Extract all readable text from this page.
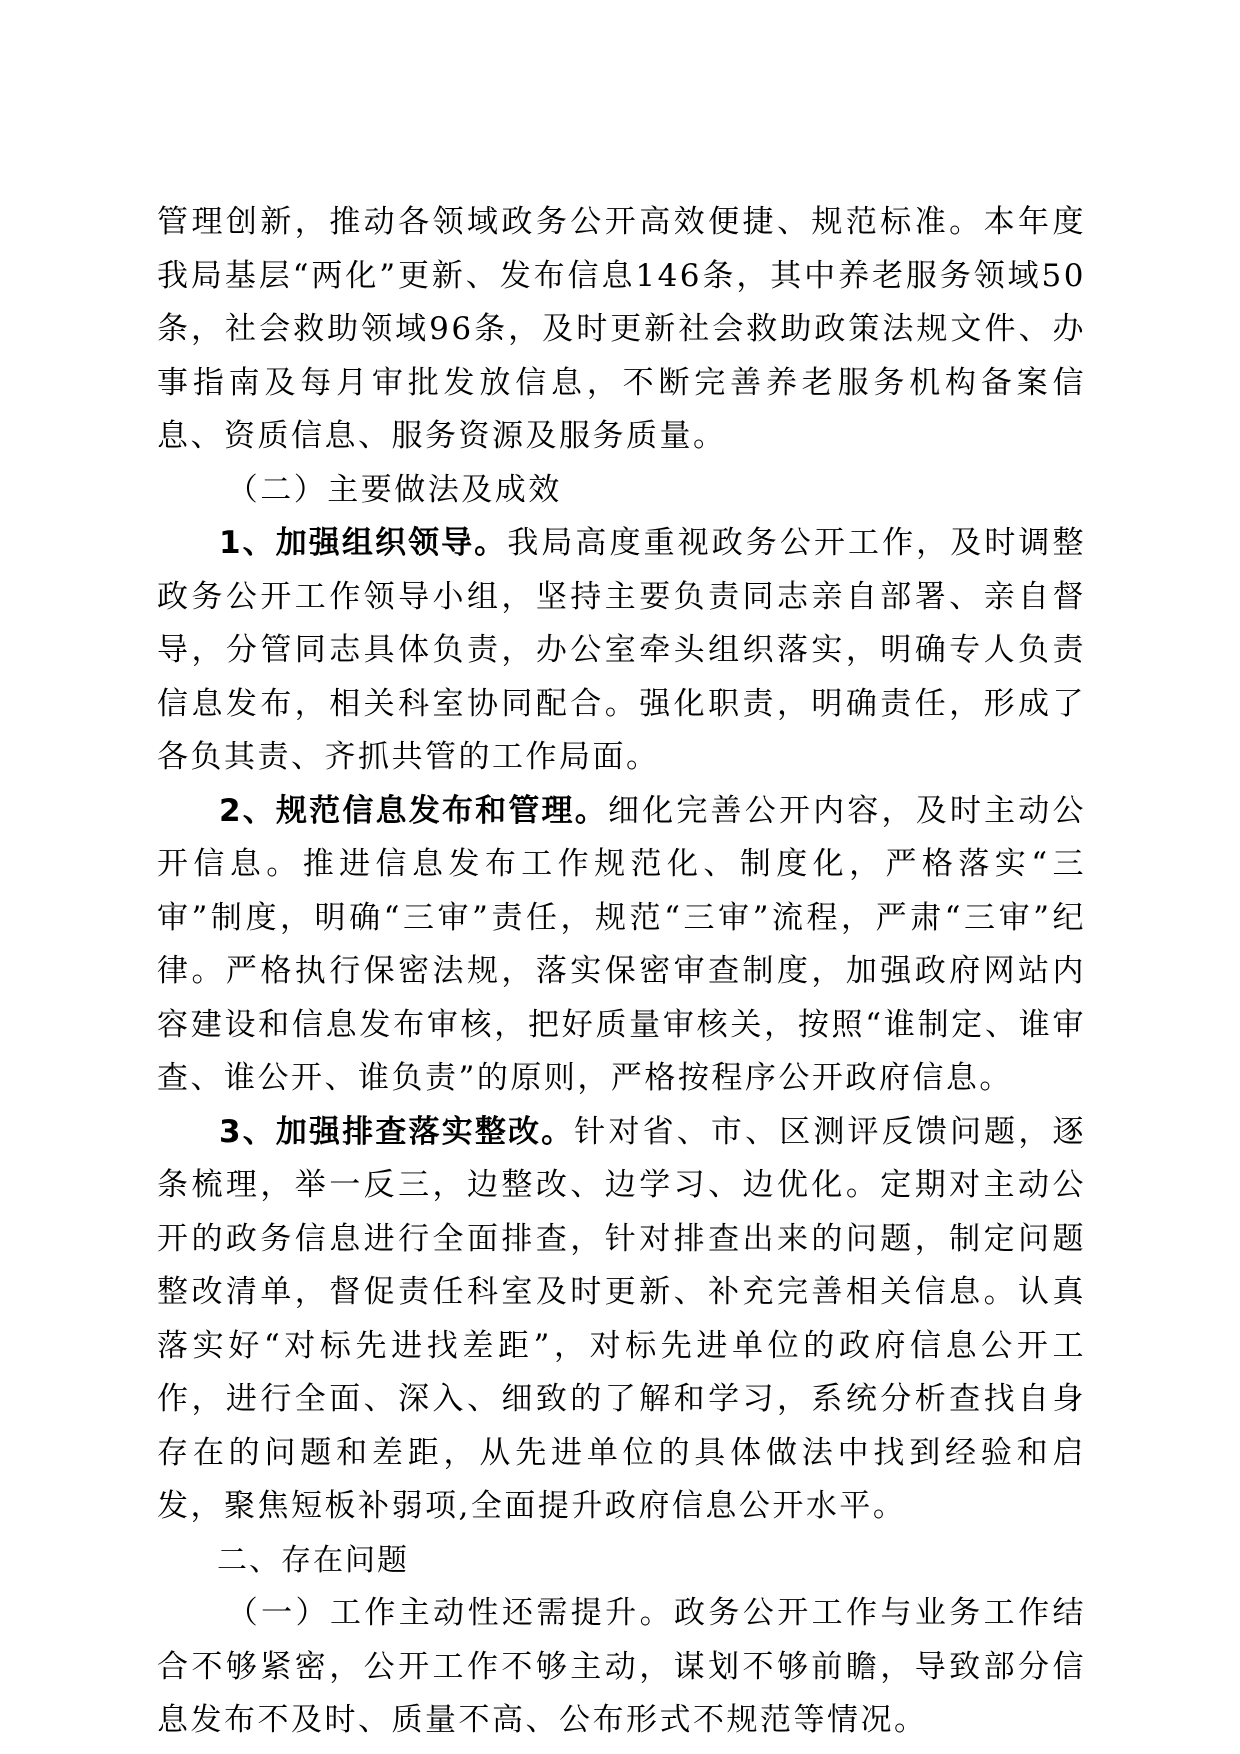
管理创新，推动各领域政务公开高效便捷、规范标准。本年度我局基层“两化”更新、发布信息146条，其中养老服务领域50条，社会救助领域96条，及时更新社会救助政策法规文件、办事指南及每月审批发放信息，不断完善养老服务机构备案信息、资质信息、服务资源及服务质量。

（二）主要做法及成效

1、加强组织领导。我局高度重视政务公开工作，及时调整政务公开工作领导小组，坚持主要负责同志亲自部署、亲自督导，分管同志具体负责，办公室牵头组织落实，明确专人负责信息发布，相关科室协同配合。强化职责，明确责任，形成了各负其责、齐抓共管的工作局面。

2、规范信息发布和管理。细化完善公开内容，及时主动公开信息。推进信息发布工作规范化、制度化，严格落实“三审”制度，明确“三审”责任，规范“三审”流程，严肃“三审”纪律。严格执行保密法规，落实保密审查制度，加强政府网站内容建设和信息发布审核，把好质量审核关，按照“谁制定、谁审查、谁公开、谁负责”的原则，严格按程序公开政府信息。

3、加强排查落实整改。针对省、市、区测评反馈问题，逐条梳理，举一反三，边整改、边学习、边优化。定期对主动公开的政务信息进行全面排查，针对排查出来的问题，制定问题整改清单，督促责任科室及时更新、补充完善相关信息。认真落实好“对标先进找差距”，对标先进单位的政府信息公开工作，进行全面、深入、细致的了解和学习，系统分析查找自身存在的问题和差距，从先进单位的具体做法中找到经验和启发，聚焦短板补弱项,全面提升政府信息公开水平。

二、存在问题

（一）工作主动性还需提升。政务公开工作与业务工作结合不够紧密，公开工作不够主动，谋划不够前瞻，导致部分信息发布不及时、质量不高、公布形式不规范等情况。
